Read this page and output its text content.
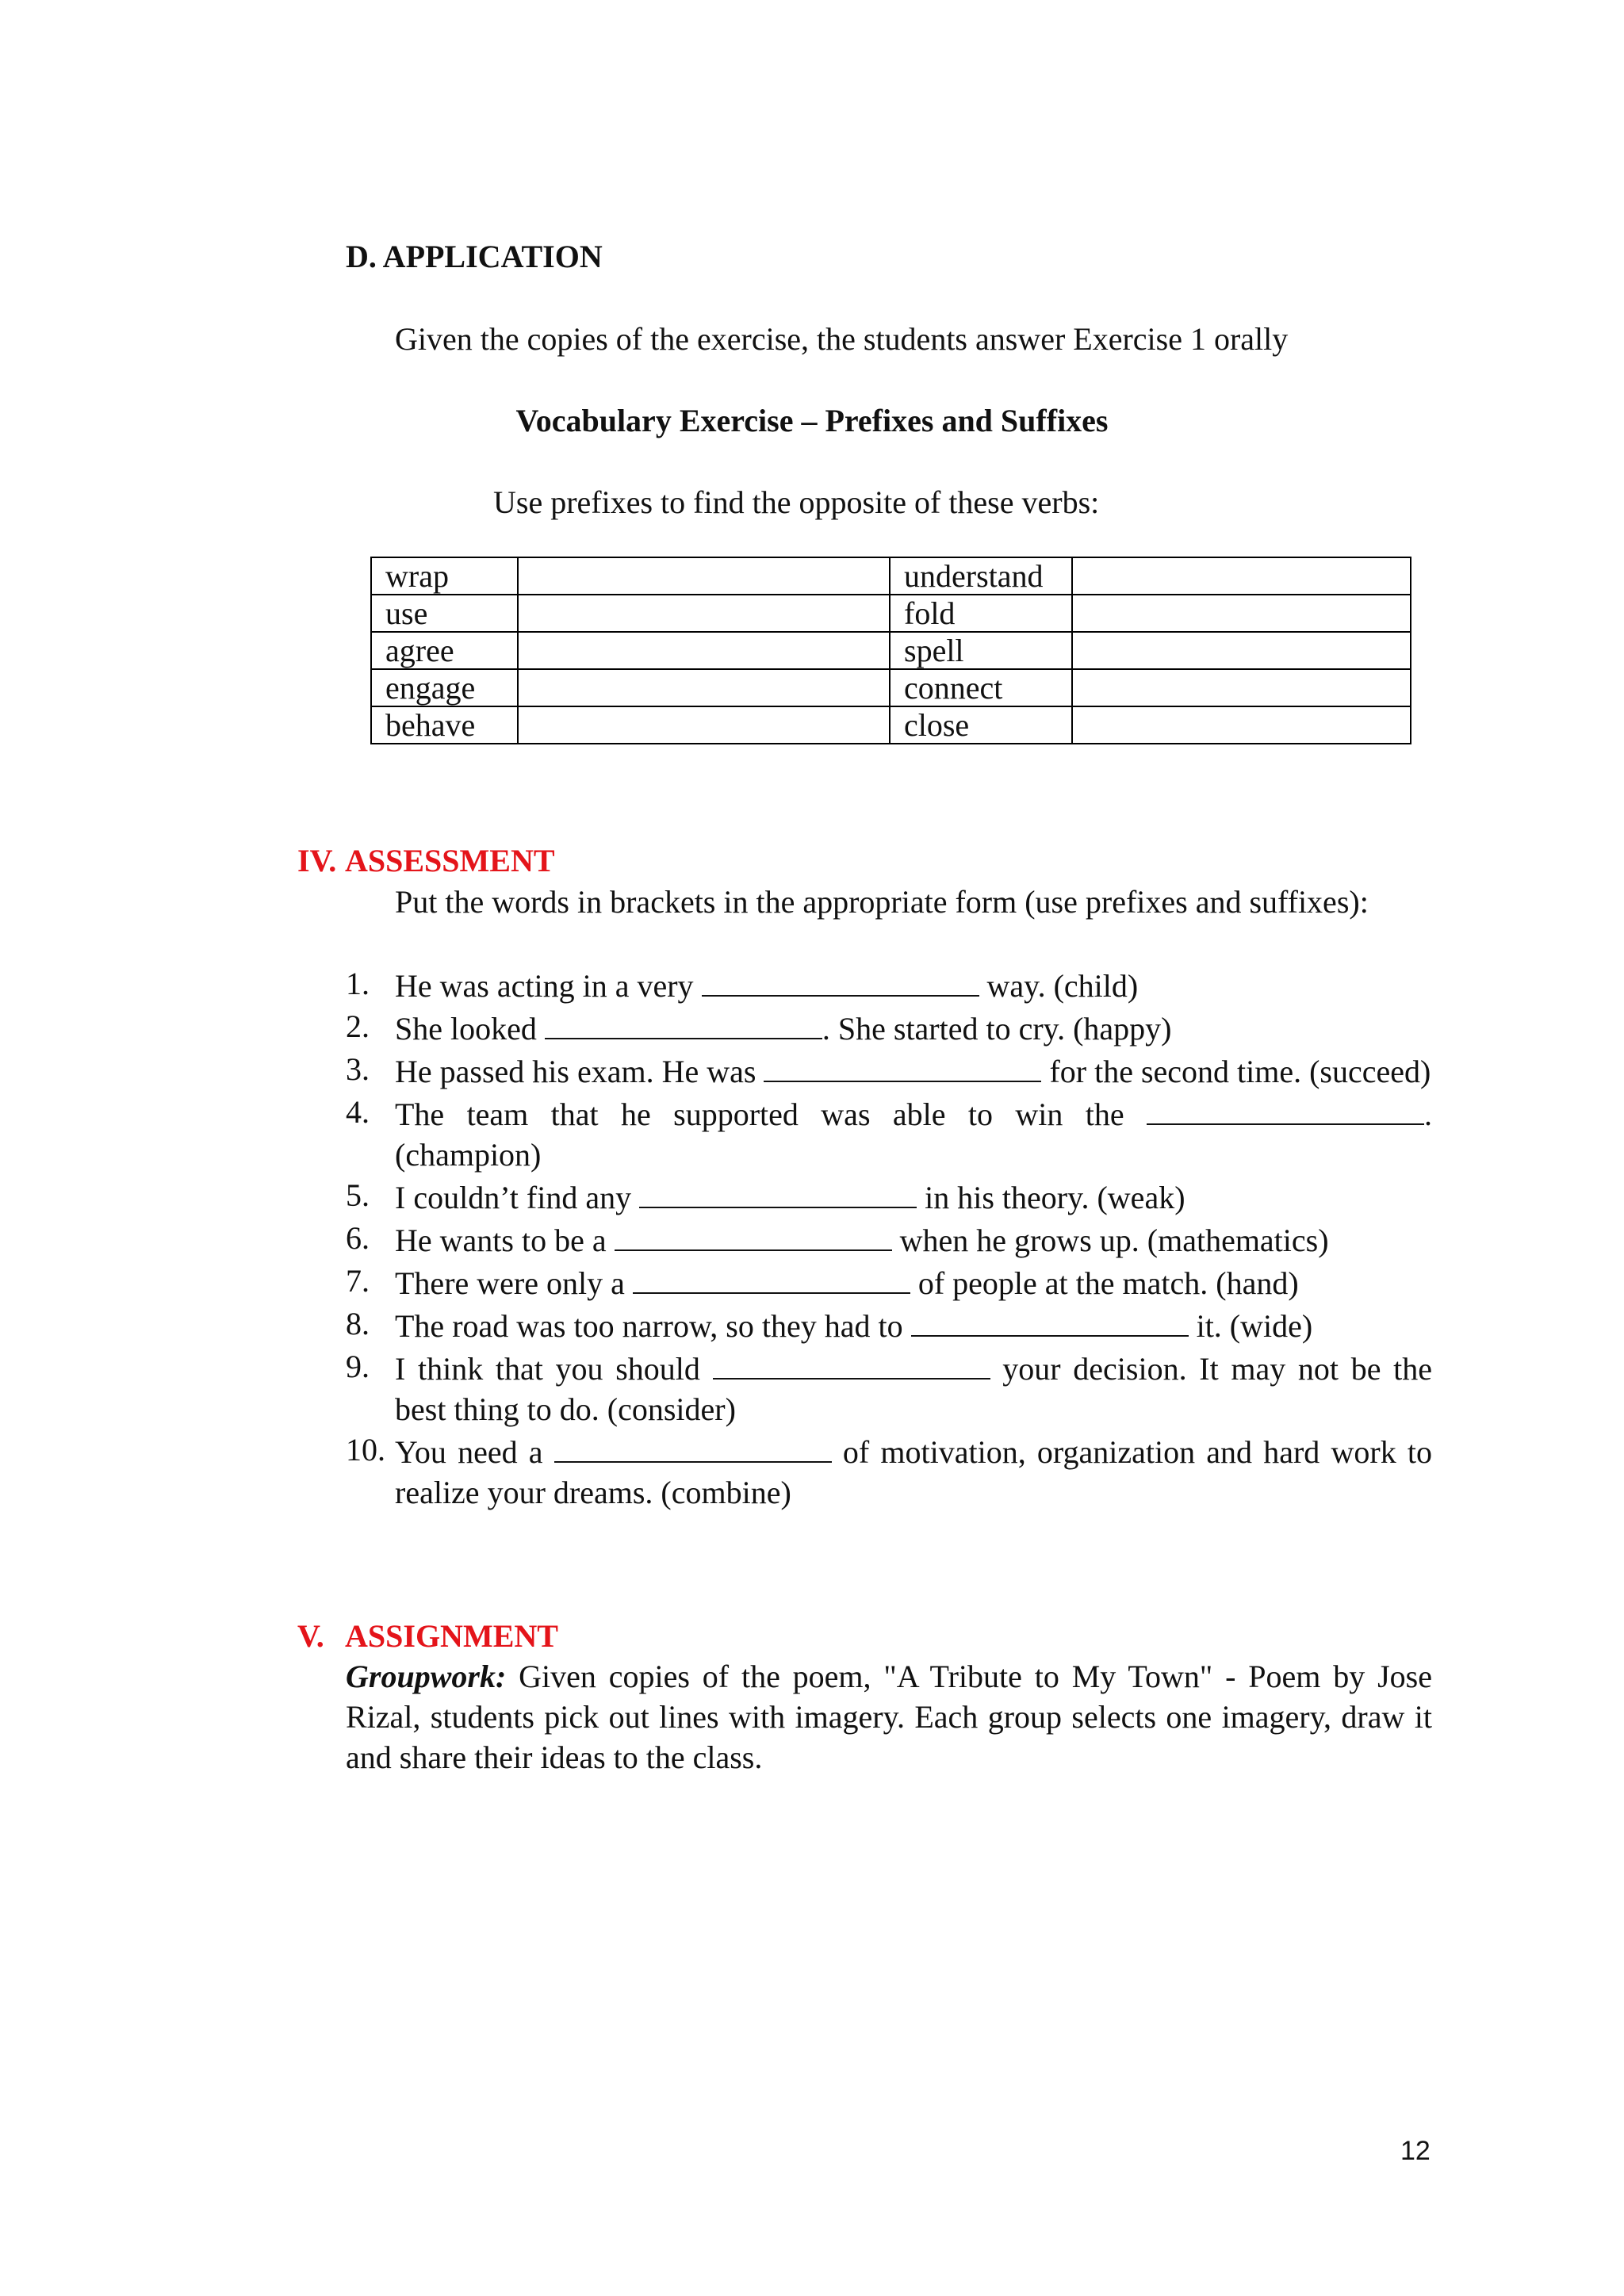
D. APPLICATION
Given the copies of the exercise, the students answer Exercise 1 orally
Vocabulary Exercise – Prefixes and Suffixes
Use prefixes to find the opposite of these verbs:
wrap		understand	
use		fold	
agree		spell	
engage		connect	
behave		close	
IV. ASSESSMENT
Put the words in brackets in the appropriate form (use prefixes and suffixes):
1. He was acting in a very	way. (child)
2. She looked	. She started to cry. (happy)
3. He passed his exam. He was	for the second time. (succeed)
4. The team that he supported was able to win the	. (champion)
5. I couldn’t find any	in his theory. (weak)
6. He wants to be a	when he grows up. (mathematics)
7. There were only a	of people at the match. (hand)
8. The road was too narrow, so they had to	it. (wide)
9. I think that you should	your decision. It may not be the best thing to do. (consider)
10. You need a	of motivation, organization and hard work to realize your dreams. (combine)
V. ASSIGNMENT
Groupwork: Given copies of the poem, "A Tribute to My Town" - Poem by Jose Rizal, students pick out lines with imagery. Each group selects one imagery, draw it and share their ideas to the class.
12
